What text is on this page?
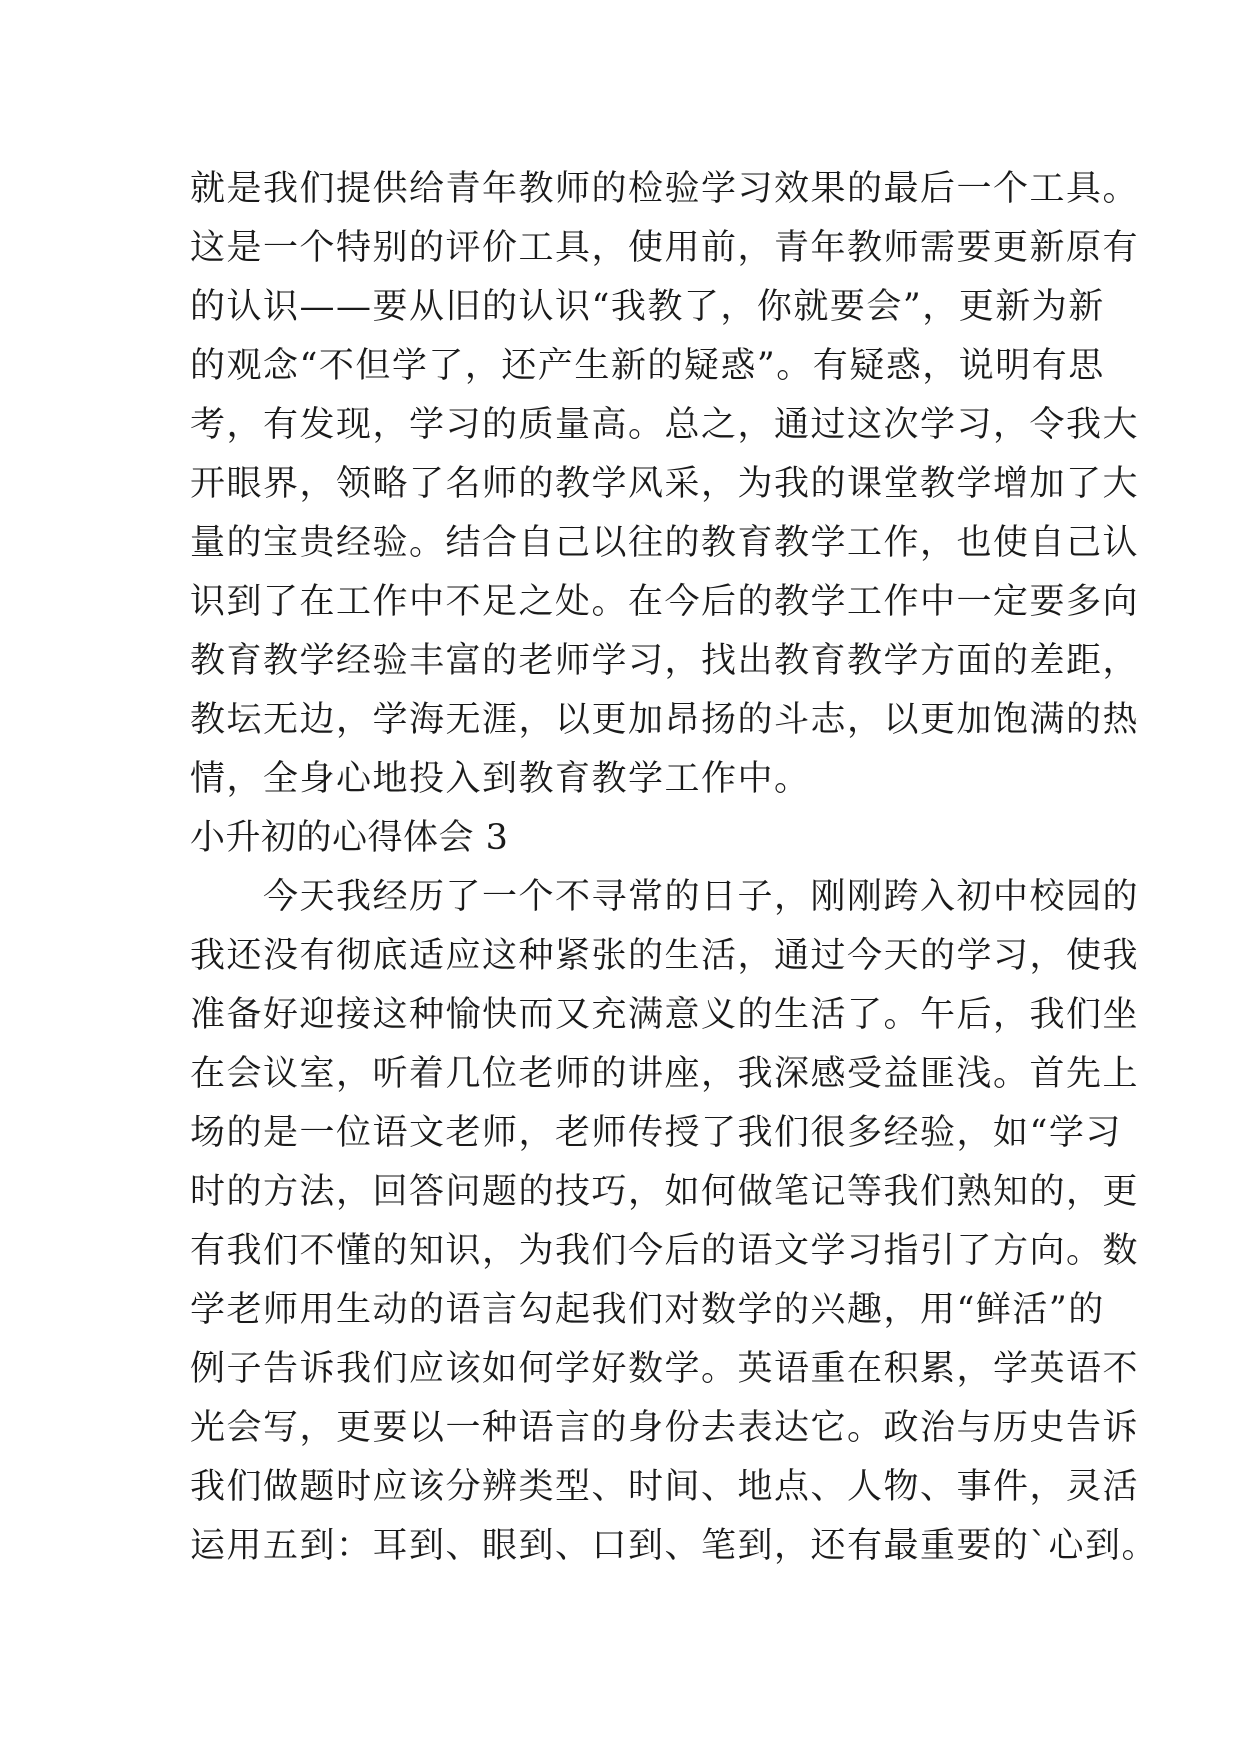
就是我们提供给青年教师的检验学习效果的最后一个工具。
这是一个特别的评价工具，使用前，青年教师需要更新原有
的认识——要从旧的认识“我教了，你就要会”，更新为新
的观念“不但学了，还产生新的疑惑”。有疑惑，说明有思
考，有发现，学习的质量高。总之，通过这次学习，令我大
开眼界，领略了名师的教学风采，为我的课堂教学增加了大
量的宝贵经验。结合自己以往的教育教学工作，也使自己认
识到了在工作中不足之处。在今后的教学工作中一定要多向
教育教学经验丰富的老师学习，找出教育教学方面的差距，
教坛无边，学海无涯，以更加昂扬的斗志，以更加饱满的热
情，全身心地投入到教育教学工作中。
小升初的心得体会 3
　　今天我经历了一个不寻常的日子，刚刚跨入初中校园的
我还没有彻底适应这种紧张的生活，通过今天的学习，使我
准备好迎接这种愉快而又充满意义的生活了。午后，我们坐
在会议室，听着几位老师的讲座，我深感受益匪浅。首先上
场的是一位语文老师，老师传授了我们很多经验，如“学习
时的方法，回答问题的技巧，如何做笔记等我们熟知的，更
有我们不懂的知识，为我们今后的语文学习指引了方向。数
学老师用生动的语言勾起我们对数学的兴趣，用“鲜活”的
例子告诉我们应该如何学好数学。英语重在积累，学英语不
光会写，更要以一种语言的身份去表达它。政治与历史告诉
我们做题时应该分辨类型、时间、地点、人物、事件，灵活
运用五到：耳到、眼到、口到、笔到，还有最重要的`心到。
